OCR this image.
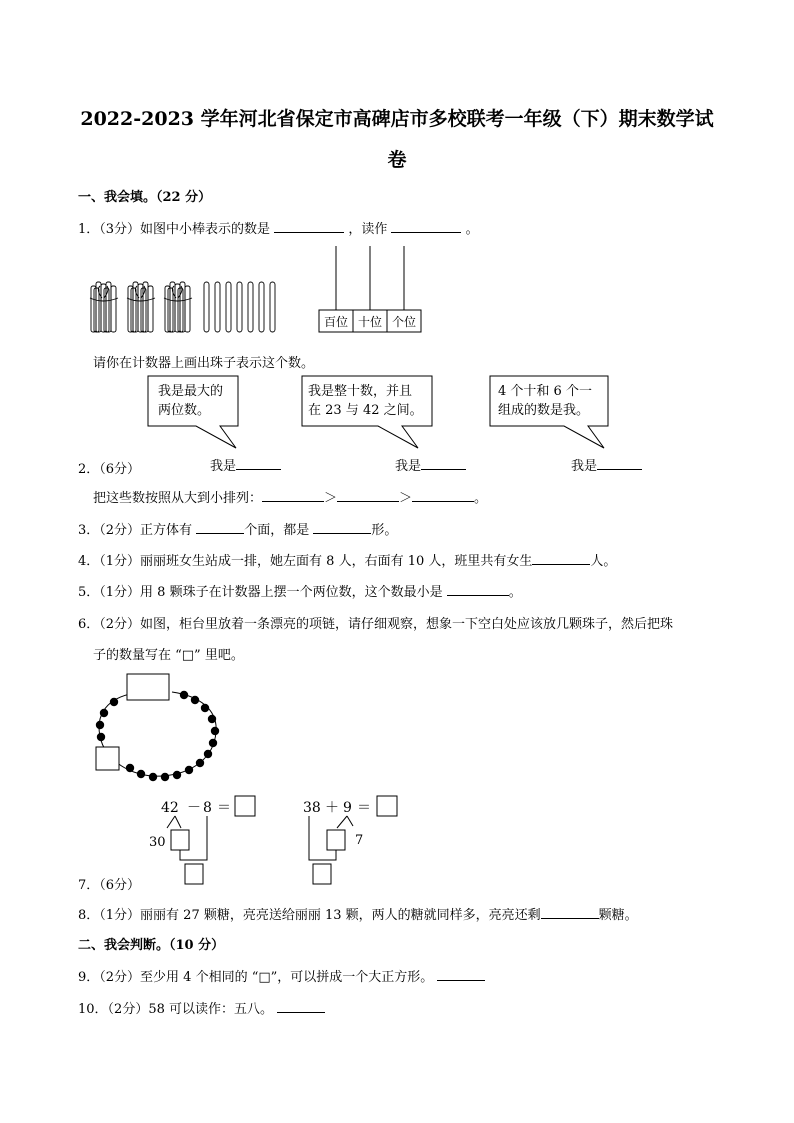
2022-2023 学年河北省保定市高碑店市多校联考一年级（下）期末数学试
卷
一、我会填。（22 分）
1．（3分）如图中小棒表示的数是	，读作	。
百位 十位 个位
请你在计数器上画出珠子表示这个数。
我是最大的
两位数。
我是整十数，并且
在 23 与 42 之间。
4 个十和 6 个一
组成的数是我。
2．（6分）	我是	我是	我是
把这些数按照从大到小排列：	＞	＞	。
3．（2分）正方体有	个面，都是	形。
4．（1分）丽丽班女生站成一排，她左面有 8 人，右面有 10 人，班里共有女生	人。
5．（1分）用 8 颗珠子在计数器上摆一个两位数，这个数最小是	。
6．（2分）如图，柜台里放着一条漂亮的项链，请仔细观察，想象一下空白处应该放几颗珠子，然后把珠
子的数量写在 “□” 里吧。
42 － 8 ＝
30
38 ＋ 9 ＝
7
7．（6分）
8．（1分）丽丽有 27 颗糖，亮亮送给丽丽 13 颗，两人的糖就同样多，亮亮还剩	颗糖。
二、我会判断。（10 分）
9．（2分）至少用 4 个相同的 “□”，可以拼成一个大正方形。
10．（2分）58 可以读作：五八。
